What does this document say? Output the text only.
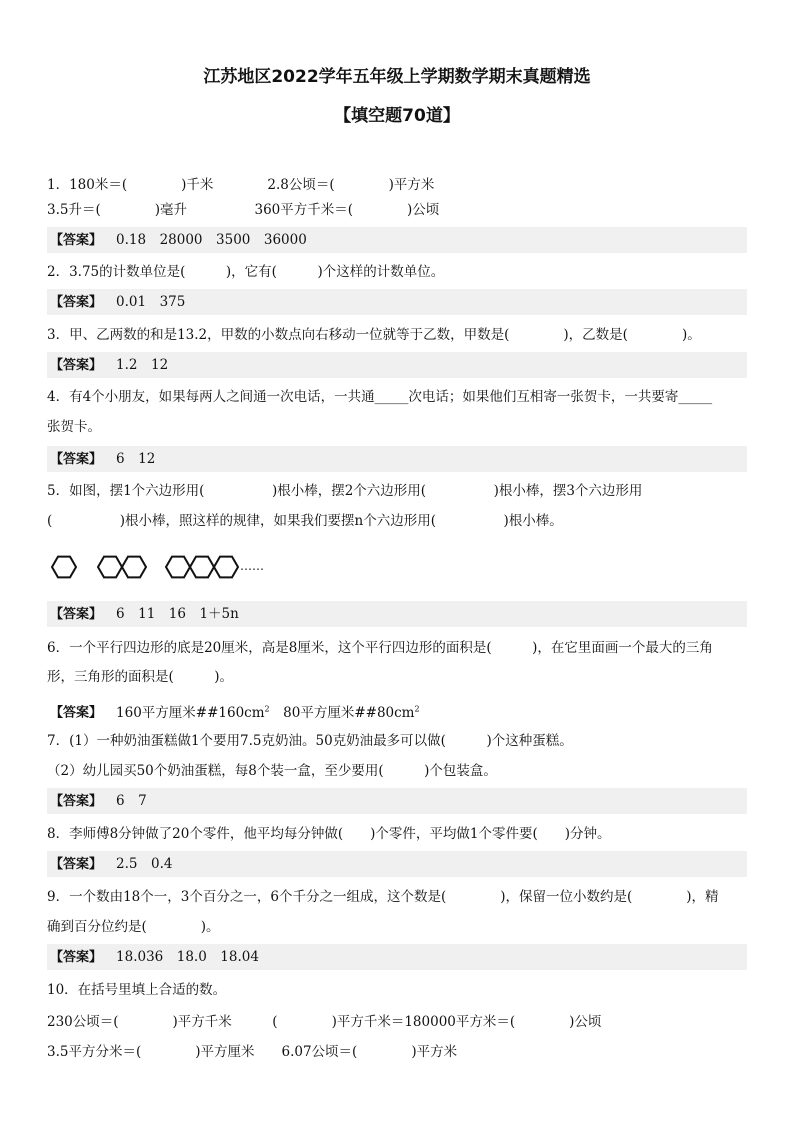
江苏地区2022学年五年级上学期数学期末真题精选
【填空题70道】
1．180米＝(　　　　)千米　　　　2.8公顷＝(　　　　)平方米
3.5升＝(　　　　)毫升　　　　　360平方千米＝(　　　　)公顷
【答案】 0.18　28000　3500　36000
2．3.75的计数单位是(　　　)，它有(　　　)个这样的计数单位。
【答案】 0.01　375
3．甲、乙两数的和是13.2，甲数的小数点向右移动一位就等于乙数，甲数是(　　　　)，乙数是(　　　　)。
【答案】 1.2　12
4．有4个小朋友，如果每两人之间通一次电话，一共通_____次电话；如果他们互相寄一张贺卡，一共要寄_____
张贺卡。
【答案】 6　12
5．如图，摆1个六边形用(　　　　　)根小棒，摆2个六边形用(　　　　　)根小棒，摆3个六边形用
(　　　　　)根小棒，照这样的规律，如果我们要摆n个六边形用(　　　　　)根小棒。
……
【答案】 6　11　16　1＋5n
6．一个平行四边形的底是20厘米，高是8厘米，这个平行四边形的面积是(　　　)，在它里面画一个最大的三角
形，三角形的面积是(　　　)。
【答案】 160平方厘米$\#\#160cm^2$　80平方厘米$\#\#80cm^2$
7．(1）一种奶油蛋糕做1个要用7.5克奶油。50克奶油最多可以做(　　　)个这种蛋糕。
（2）幼儿园买50个奶油蛋糕，每8个装一盒，至少要用(　　　)个包装盒。
【答案】 6　7
8．李师傅8分钟做了20个零件，他平均每分钟做(　　)个零件，平均做1个零件要(　　)分钟。
【答案】 2.5　0.4
9．一个数由18个一，3个百分之一，6个千分之一组成，这个数是(　　　　)，保留一位小数约是(　　　　)，精
确到百分位约是(　　　　)。
【答案】 18.036　18.0　18.04
10．在括号里填上合适的数。
230公顷＝(　　　　)平方千米　　　(　　　　)平方千米＝180000平方米＝(　　　　)公顷
3.5平方分米＝(　　　　)平方厘米　　6.07公顷＝(　　　　)平方米
